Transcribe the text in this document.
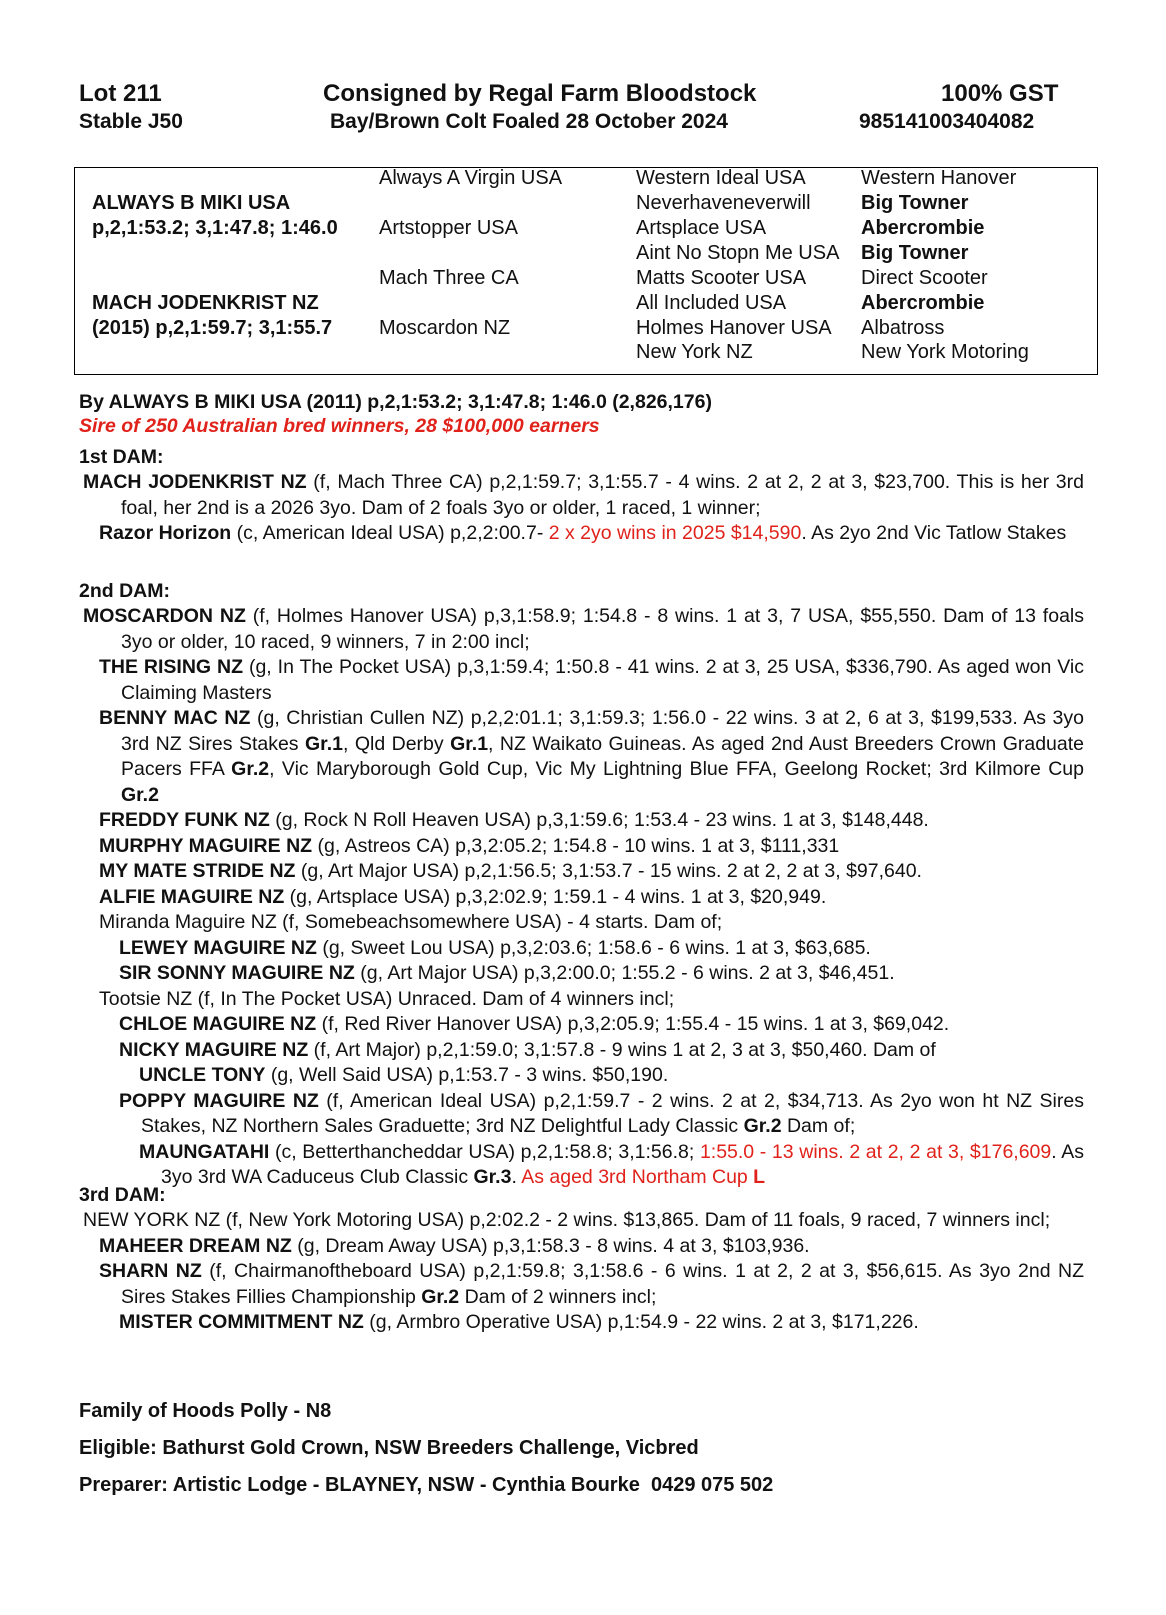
Lot 211
Stable J50
Consigned by Regal Farm Bloodstock
Bay/Brown Colt Foaled 28 October 2024
100% GST
985141003404082
ALWAYS B MIKI USA
p,2,1:53.2; 3,1:47.8; 1:46.0
MACH JODENKRIST NZ
(2015) p,2,1:59.7; 3,1:55.7
Always A Virgin USA
Artstopper USA
Mach Three CA
Moscardon NZ
Western Ideal USA
Neverhaveneverwill
Artsplace USA
Aint No Stopn Me USA
Matts Scooter USA
All Included USA
Holmes Hanover USA
New York NZ
Western Hanover
Big Towner
Abercrombie
Big Towner
Direct Scooter
Abercrombie
Albatross
New York Motoring
By ALWAYS B MIKI USA (2011) p,2,1:53.2; 3,1:47.8; 1:46.0 (2,826,176)
Sire of 250 Australian bred winners, 28 $100,000 earners
1st DAM:
MACH JODENKRIST NZ (f, Mach Three CA) p,2,1:59.7; 3,1:55.7 - 4 wins. 2 at 2, 2 at 3, $23,700. This is her 3rd foal, her 2nd is a 2026 3yo. Dam of 2 foals 3yo or older, 1 raced, 1 winner;
Razor Horizon (c, American Ideal USA) p,2,2:00.7- 2 x 2yo wins in 2025 $14,590. As 2yo 2nd Vic Tatlow Stakes
2nd DAM:
MOSCARDON NZ (f, Holmes Hanover USA) p,3,1:58.9; 1:54.8 - 8 wins. 1 at 3, 7 USA, $55,550. Dam of 13 foals 3yo or older, 10 raced, 9 winners, 7 in 2:00 incl;
THE RISING NZ (g, In The Pocket USA) p,3,1:59.4; 1:50.8 - 41 wins. 2 at 3, 25 USA, $336,790. As aged won Vic Claiming Masters
BENNY MAC NZ (g, Christian Cullen NZ) p,2,2:01.1; 3,1:59.3; 1:56.0 - 22 wins. 3 at 2, 6 at 3, $199,533. As 3yo 3rd NZ Sires Stakes Gr.1, Qld Derby Gr.1, NZ Waikato Guineas. As aged 2nd Aust Breeders Crown Graduate Pacers FFA Gr.2, Vic Maryborough Gold Cup, Vic My Lightning Blue FFA, Geelong Rocket; 3rd Kilmore Cup Gr.2
FREDDY FUNK NZ (g, Rock N Roll Heaven USA) p,3,1:59.6; 1:53.4 - 23 wins. 1 at 3, $148,448.
MURPHY MAGUIRE NZ (g, Astreos CA) p,3,2:05.2; 1:54.8 - 10 wins. 1 at 3, $111,331
MY MATE STRIDE NZ (g, Art Major USA) p,2,1:56.5; 3,1:53.7 - 15 wins. 2 at 2, 2 at 3, $97,640.
ALFIE MAGUIRE NZ (g, Artsplace USA) p,3,2:02.9; 1:59.1 - 4 wins. 1 at 3, $20,949.
Miranda Maguire NZ (f, Somebeachsomewhere USA) - 4 starts. Dam of;
LEWEY MAGUIRE NZ (g, Sweet Lou USA) p,3,2:03.6; 1:58.6 - 6 wins. 1 at 3, $63,685.
SIR SONNY MAGUIRE NZ (g, Art Major USA) p,3,2:00.0; 1:55.2 - 6 wins. 2 at 3, $46,451.
Tootsie NZ (f, In The Pocket USA) Unraced. Dam of 4 winners incl;
CHLOE MAGUIRE NZ (f, Red River Hanover USA) p,3,2:05.9; 1:55.4 - 15 wins. 1 at 3, $69,042.
NICKY MAGUIRE NZ (f, Art Major) p,2,1:59.0; 3,1:57.8 - 9 wins 1 at 2, 3 at 3, $50,460. Dam of
UNCLE TONY (g, Well Said USA) p,1:53.7 - 3 wins. $50,190.
POPPY MAGUIRE NZ (f, American Ideal USA) p,2,1:59.7 - 2 wins. 2 at 2, $34,713. As 2yo won ht NZ Sires Stakes, NZ Northern Sales Graduette; 3rd NZ Delightful Lady Classic Gr.2 Dam of;
MAUNGATAHI (c, Betterthancheddar USA) p,2,1:58.8; 3,1:56.8; 1:55.0 - 13 wins. 2 at 2, 2 at 3, $176,609. As 3yo 3rd WA Caduceus Club Classic Gr.3. As aged 3rd Northam Cup L
3rd DAM:
NEW YORK NZ (f, New York Motoring USA) p,2:02.2 - 2 wins. $13,865. Dam of 11 foals, 9 raced, 7 winners incl;
MAHEER DREAM NZ (g, Dream Away USA) p,3,1:58.3 - 8 wins. 4 at 3, $103,936.
SHARN NZ (f, Chairmanoftheboard USA) p,2,1:59.8; 3,1:58.6 - 6 wins. 1 at 2, 2 at 3, $56,615. As 3yo 2nd NZ Sires Stakes Fillies Championship Gr.2 Dam of 2 winners incl;
MISTER COMMITMENT NZ (g, Armbro Operative USA) p,1:54.9 - 22 wins. 2 at 3, $171,226.
Family of Hoods Polly - N8
Eligible: Bathurst Gold Crown, NSW Breeders Challenge, Vicbred
Preparer: Artistic Lodge - BLAYNEY, NSW - Cynthia Bourke  0429 075 502
